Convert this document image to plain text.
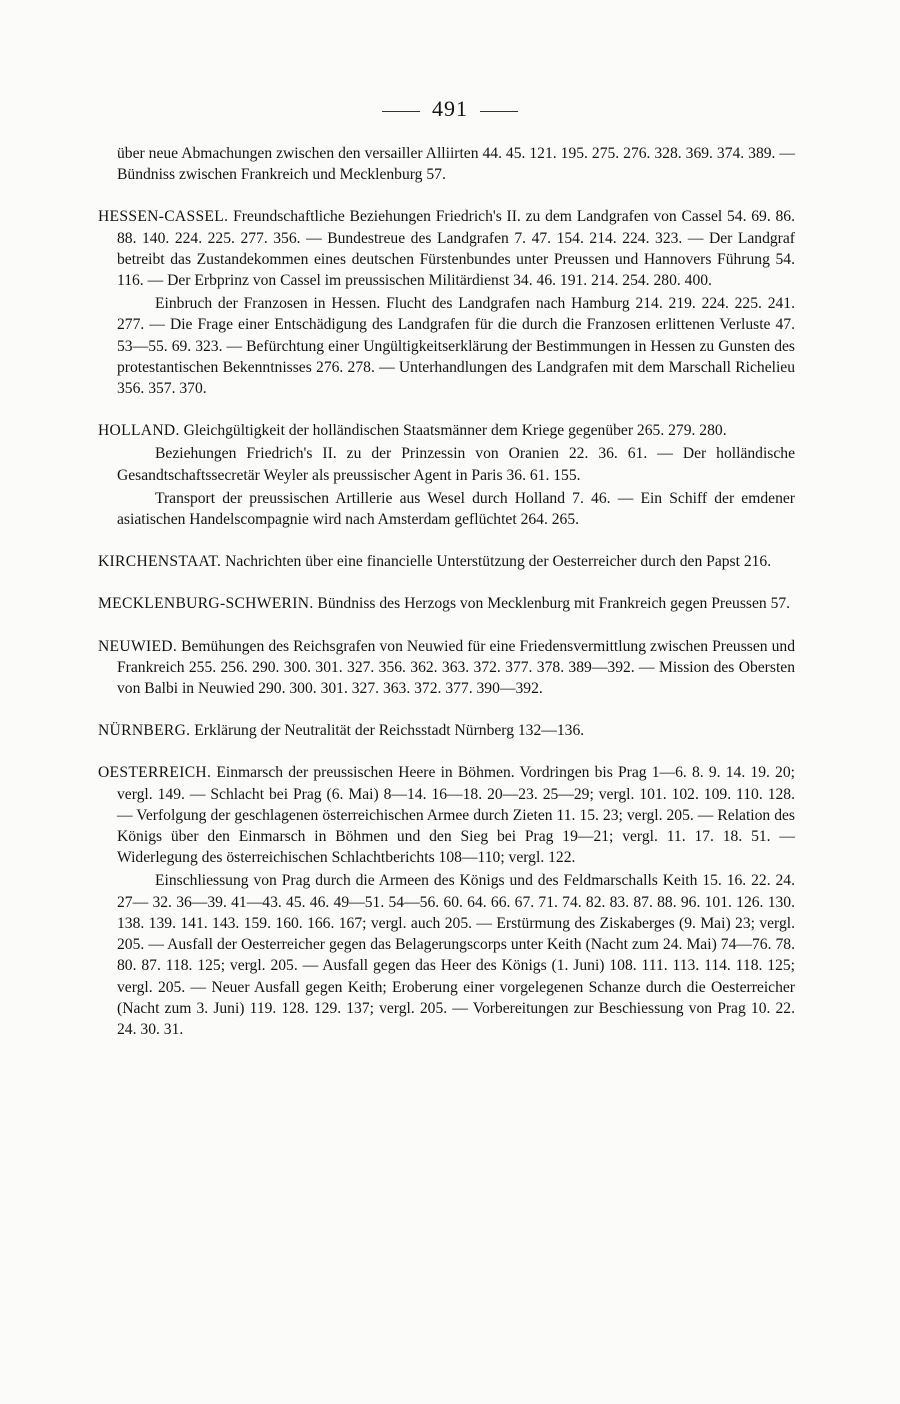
491

über neue Abmachungen zwischen den versailler Alliirten 44. 45. 121. 195. 275. 276. 328. 369. 374. 389. — Bündniss zwischen Frankreich und Mecklenburg 57.

HESSEN-CASSEL. Freundschaftliche Beziehungen Friedrich's II. zu dem Landgrafen von Cassel 54. 69. 86. 88. 140. 224. 225. 277. 356. — Bundestreue des Landgrafen 7. 47. 154. 214. 224. 323. — Der Landgraf betreibt das Zustandekommen eines deutschen Fürstenbundes unter Preussen und Hannovers Führung 54. 116. — Der Erbprinz von Cassel im preussischen Militärdienst 34. 46. 191. 214. 254. 280. 400.

Einbruch der Franzosen in Hessen. Flucht des Landgrafen nach Hamburg 214. 219. 224. 225. 241. 277. — Die Frage einer Entschädigung des Landgrafen für die durch die Franzosen erlittenen Verluste 47. 53—55. 69. 323. — Befürchtung einer Ungültigkeitserklärung der Bestimmungen in Hessen zu Gunsten des protestantischen Bekenntnisses 276. 278. — Unterhandlungen des Landgrafen mit dem Marschall Richelieu 356. 357. 370.

HOLLAND. Gleichgültigkeit der holländischen Staatsmänner dem Kriege gegenüber 265. 279. 280.

Beziehungen Friedrich's II. zu der Prinzessin von Oranien 22. 36. 61. — Der holländische Gesandtschaftssecretär Weyler als preussischer Agent in Paris 36. 61. 155.

Transport der preussischen Artillerie aus Wesel durch Holland 7. 46. — Ein Schiff der emdener asiatischen Handelscompagnie wird nach Amsterdam geflüchtet 264. 265.

KIRCHENSTAAT. Nachrichten über eine financielle Unterstützung der Oesterreicher durch den Papst 216.

MECKLENBURG-SCHWERIN. Bündniss des Herzogs von Mecklenburg mit Frankreich gegen Preussen 57.

NEUWIED. Bemühungen des Reichsgrafen von Neuwied für eine Friedensvermittlung zwischen Preussen und Frankreich 255. 256. 290. 300. 301. 327. 356. 362. 363. 372. 377. 378. 389—392. — Mission des Obersten von Balbi in Neuwied 290. 300. 301. 327. 363. 372. 377. 390—392.

NÜRNBERG. Erklärung der Neutralität der Reichsstadt Nürnberg 132—136.

OESTERREICH. Einmarsch der preussischen Heere in Böhmen. Vordringen bis Prag 1—6. 8. 9. 14. 19. 20; vergl. 149. — Schlacht bei Prag (6. Mai) 8—14. 16—18. 20—23. 25—29; vergl. 101. 102. 109. 110. 128. — Verfolgung der geschlagenen österreichischen Armee durch Zieten 11. 15. 23; vergl. 205. — Relation des Königs über den Einmarsch in Böhmen und den Sieg bei Prag 19—21; vergl. 11. 17. 18. 51. — Widerlegung des österreichischen Schlachtberichts 108—110; vergl. 122.

Einschliessung von Prag durch die Armeen des Königs und des Feldmarschalls Keith 15. 16. 22. 24. 27— 32. 36—39. 41—43. 45. 46. 49—51. 54—56. 60. 64. 66. 67. 71. 74. 82. 83. 87. 88. 96. 101. 126. 130. 138. 139. 141. 143. 159. 160. 166. 167; vergl. auch 205. — Erstürmung des Ziskaberges (9. Mai) 23; vergl. 205. — Ausfall der Oesterreicher gegen das Belagerungscorps unter Keith (Nacht zum 24. Mai) 74—76. 78. 80. 87. 118. 125; vergl. 205. — Ausfall gegen das Heer des Königs (1. Juni) 108. 111. 113. 114. 118. 125; vergl. 205. — Neuer Ausfall gegen Keith; Eroberung einer vorgelegenen Schanze durch die Oesterreicher (Nacht zum 3. Juni) 119. 128. 129. 137; vergl. 205. — Vorbereitungen zur Beschiessung von Prag 10. 22. 24. 30. 31.
